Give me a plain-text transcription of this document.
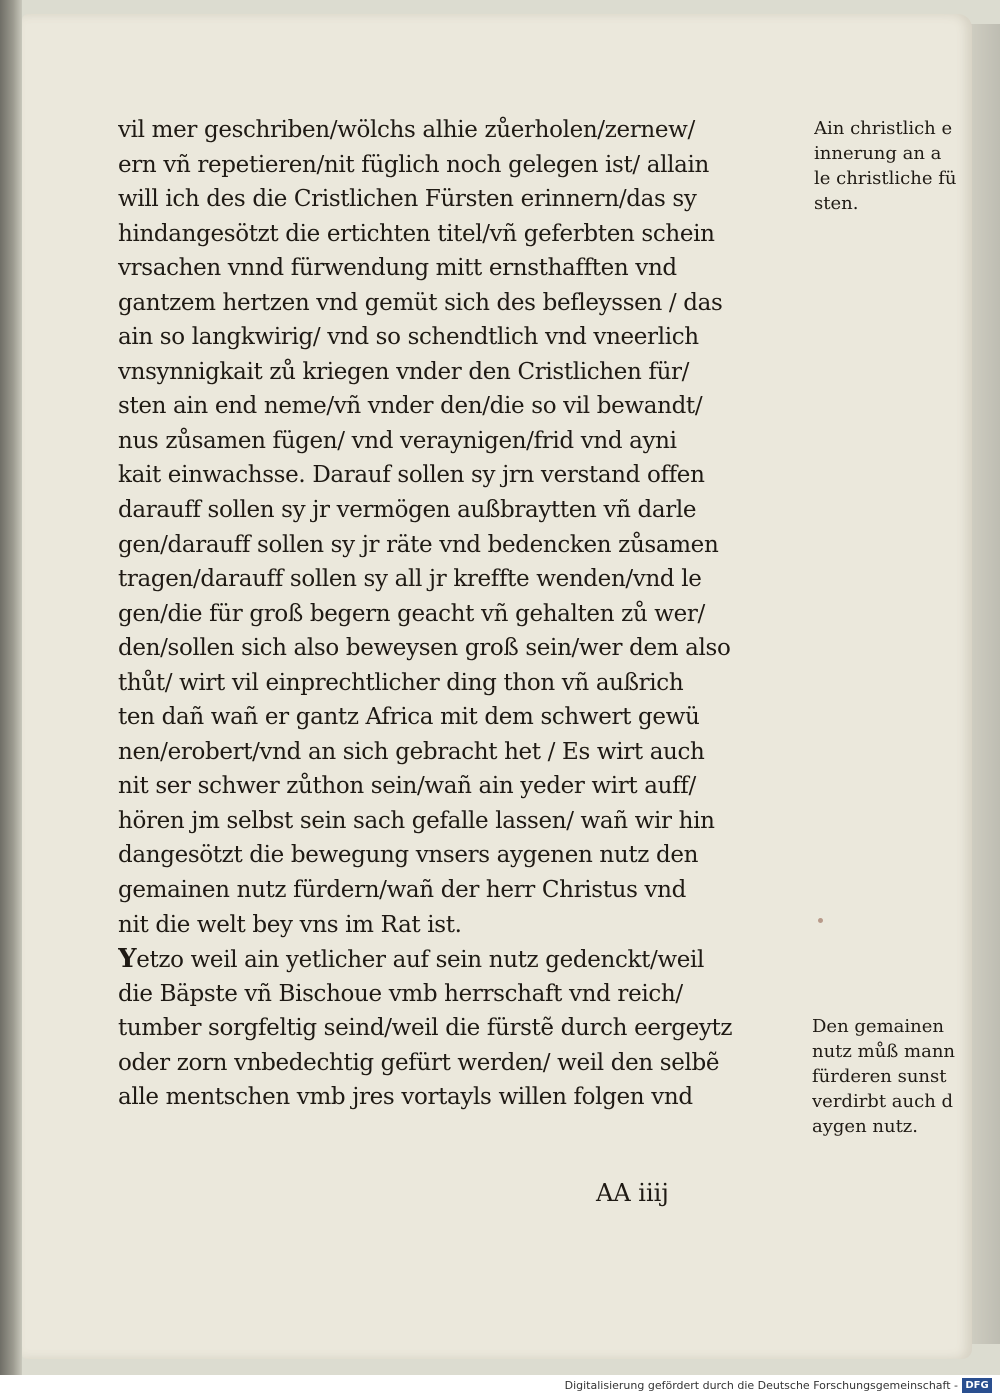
vil mer geschriben/wölchs alhie zůerholen/zernew/
ern vñ repetieren/nit füglich noch gelegen ist/ allain
will ich des die Cristlichen Fürsten erinnern/das sy
hindangesötzt die ertichten titel/vñ geferbten schein
vrsachen vnnd fürwendung mitt ernsthafften vnd
gantzem hertzen vnd gemüt sich des befleyssen / das
ain so langkwirig/ vnd so schendtlich vnd vneerlich
vnsynnigkait zů kriegen vnder den Cristlichen für/
sten ain end neme/vñ vnder den/die so vil bewandt/
nus zůsamen fügen/ vnd veraynigen/frid vnd ayni
kait einwachsse. Darauf sollen sy jrn verstand offen
darauff sollen sy jr vermögen außbraytten vñ darle
gen/darauff sollen sy jr räte vnd bedencken zůsamen
tragen/darauff sollen sy all jr kreffte wenden/vnd le
gen/die für groß begern geacht vñ gehalten zů wer/
den/sollen sich also beweysen groß sein/wer dem also
thůt/ wirt vil einprechtlicher ding thon vñ außrich
ten dañ wañ er gantz Africa mit dem schwert gewü
nen/erobert/vnd an sich gebracht het / Es wirt auch
nit ser schwer zůthon sein/wañ ain yeder wirt auff/
hören jm selbst sein sach gefalle lassen/ wañ wir hin
dangesötzt die bewegung vnsers aygenen nutz den
gemainen nutz fürdern/wañ der herr Christus vnd
nit die welt bey vns im Rat ist.
Yetzo weil ain yetlicher auf sein nutz gedenckt/weil
die Bäpste vñ Bischoue vmb herrschaft vnd reich/
tumber sorgfeltig seind/weil die fürstẽ durch eergeytz
oder zorn vnbedechtig gefürt werden/ weil den selbẽ
alle mentschen vmb jres vortayls willen folgen vnd
Ain christlich e
innerung an a
le christliche fü
sten.
Den gemainen
nutz můß mann
fürderen sunst
verdirbt auch d
aygen nutz.
AA iiij
Digitalisierung gefördert durch die Deutsche Forschungsgemeinschaft - DFG
